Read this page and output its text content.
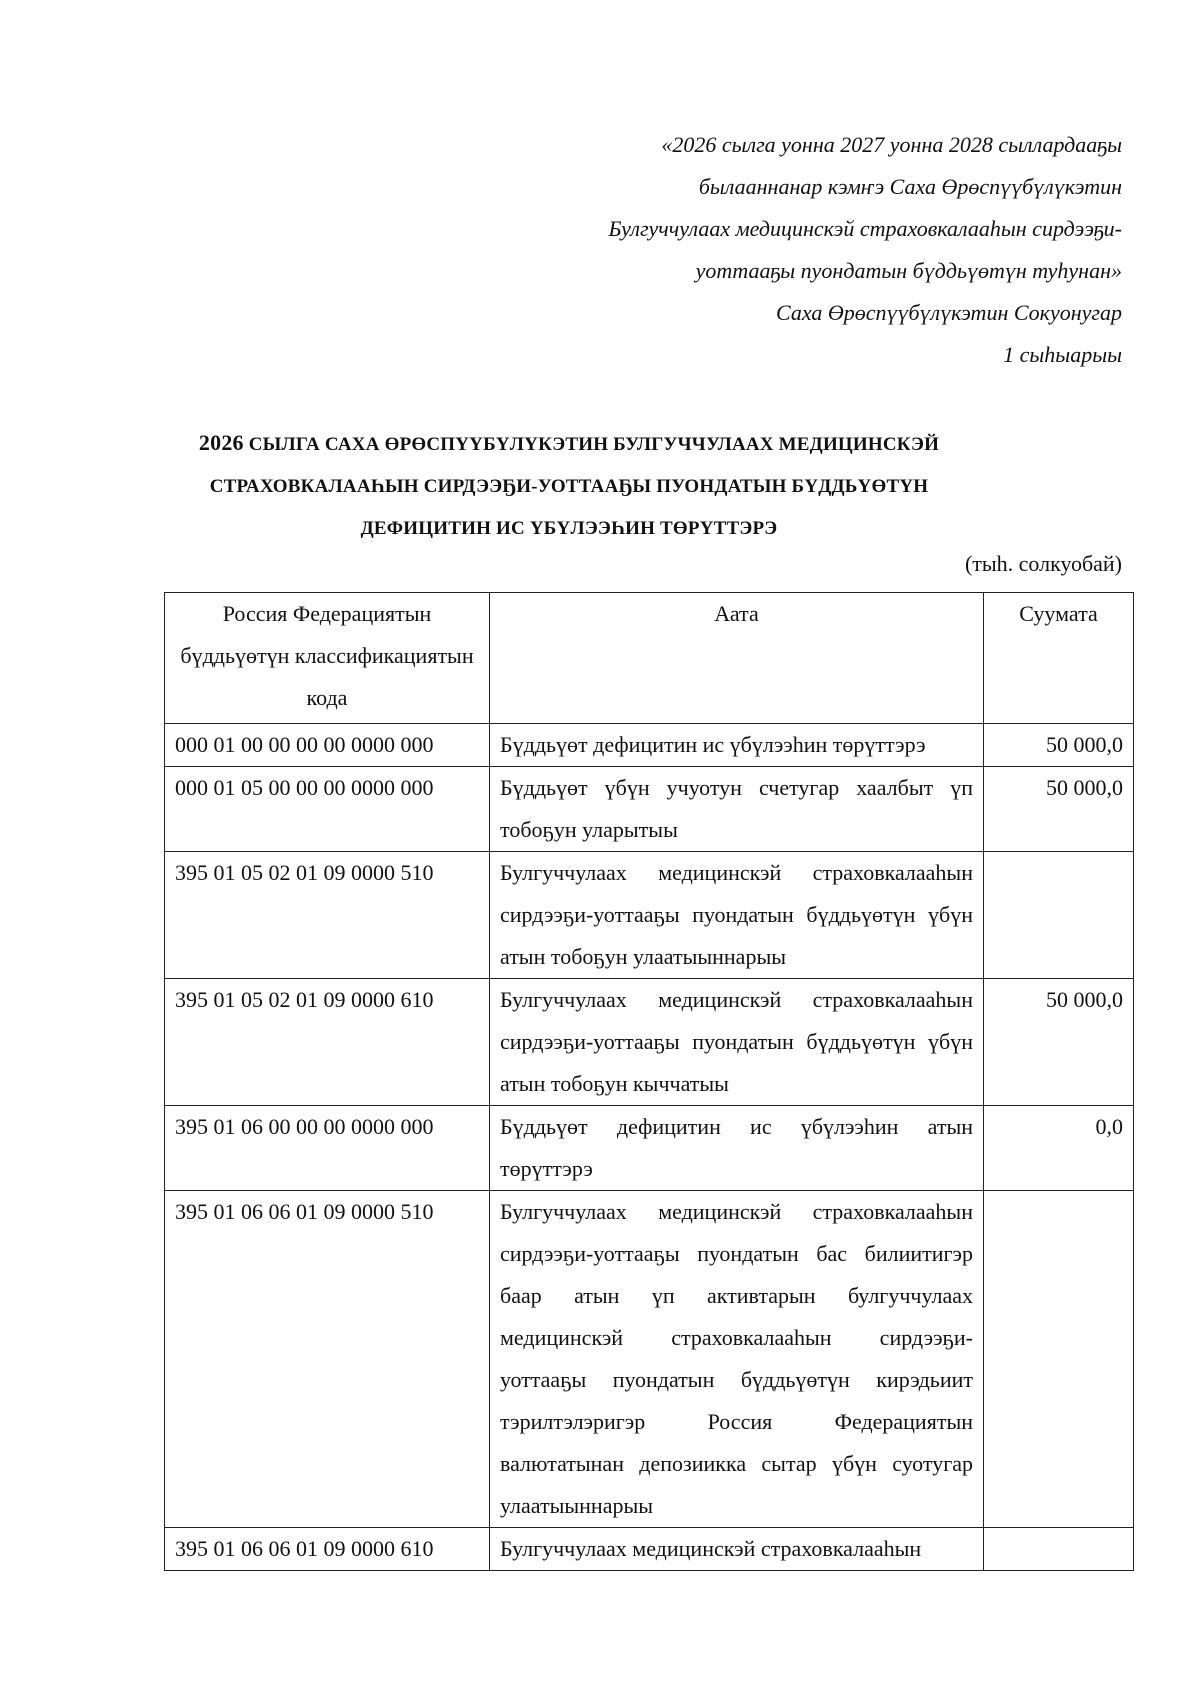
«2026 сылга уонна 2027 уонна 2028 сыллардааҕы
былааннанар кэмҥэ Саха Өрөспүүбүлүкэтин
Булгуччулаах медицинскэй страховкалааһын сирдээҕи-
уоттааҕы пуондатын бүддьүөтүн туһунан»
Саха Өрөспүүбүлүкэтин Сокуонугар
1 сыһыарыы
2026 СЫЛГА САХА ӨРӨСПҮҮБҮЛҮКЭТИН БУЛГУЧЧУЛААХ МЕДИЦИНСКЭЙ
СТРАХОВКАЛААҺЫН СИРДЭЭҔИ-УОТТААҔЫ ПУОНДАТЫН БҮДДЬҮӨТҮН
ДЕФИЦИТИН ИС ҮБҮЛЭЭҺИН ТӨРҮТТЭРЭ
(тыһ. солкуобай)
Россия Федерациятын бүддьүөтүн классификациятын кода	Аата	Суумата
000 01 00 00 00 00 0000 000	Бүддьүөт дефицитин ис үбүлээһин төрүттэрэ	50 000,0
000 01 05 00 00 00 0000 000	Бүддьүөт үбүн учуотун счетугар хаалбыт үп тобоҕун уларытыы	50 000,0
395 01 05 02 01 09 0000 510	Булгуччулаах медицинскэй страховкалааһын сирдээҕи-уоттааҕы пуондатын бүддьүөтүн үбүн атын тобоҕун улаатыыннарыы	
395 01 05 02 01 09 0000 610	Булгуччулаах медицинскэй страховкалааһын сирдээҕи-уоттааҕы пуондатын бүддьүөтүн үбүн атын тобоҕун кыччатыы	50 000,0
395 01 06 00 00 00 0000 000	Бүддьүөт дефицитин ис үбүлээһин атын төрүттэрэ	0,0
395 01 06 06 01 09 0000 510	Булгуччулаах медицинскэй страховкалааһын сирдээҕи-уоттааҕы пуондатын бас билиитигэр баар атын үп активтарын булгуччулаах медицинскэй страховкалааһын сирдээҕи-уоттааҕы пуондатын бүддьүөтүн кирэдьиит тэрилтэлэригэр Россия Федерациятын валютатынан депозиикка сытар үбүн суотугар улаатыыннарыы	
395 01 06 06 01 09 0000 610	Булгуччулаах медицинскэй страховкалааһын	
